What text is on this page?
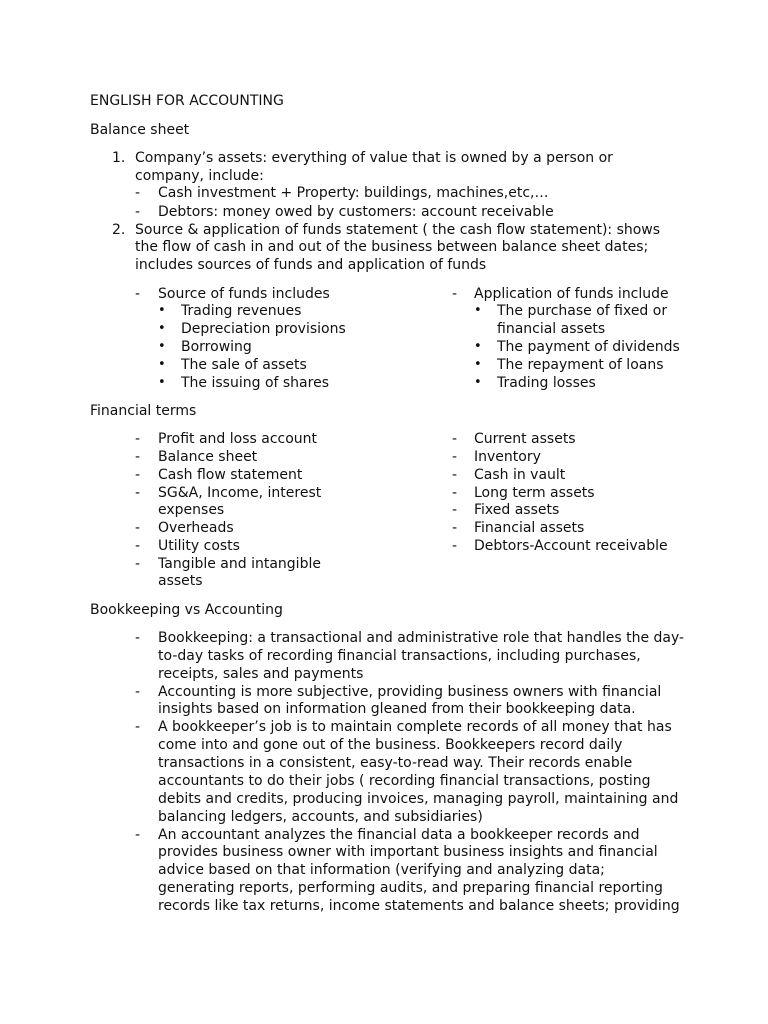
ENGLISH FOR ACCOUNTING
Balance sheet
1. Company’s assets: everything of value that is owned by a person or
company, include:
-	Cash investment + Property: buildings, machines,etc,…
-	Debtors: money owed by customers: account receivable
2. Source & application of funds statement ( the cash flow statement): shows
the flow of cash in and out of the business between balance sheet dates;
includes sources of funds and application of funds
-	Source of funds includes
• Trading revenues
• Depreciation provisions
• Borrowing
• The sale of assets
• The issuing of shares
-	Application of funds include
• The purchase of fixed or
financial assets
• The payment of dividends
• The repayment of loans
• Trading losses
Financial terms
-	Profit and loss account
-	Balance sheet
-	Cash flow statement
-	SG&A, Income, interest
expenses
-	Overheads
-	Utility costs
-	Tangible and intangible
assets
-	Current assets
-	Inventory
-	Cash in vault
-	Long term assets
-	Fixed assets
-	Financial assets
-	Debtors-Account receivable
Bookkeeping vs Accounting
-	Bookkeeping: a transactional and administrative role that handles the day-
to-day tasks of recording financial transactions, including purchases,
receipts, sales and payments
-	Accounting is more subjective, providing business owners with financial
insights based on information gleaned from their bookkeeping data.
-	A bookkeeper’s job is to maintain complete records of all money that has
come into and gone out of the business. Bookkeepers record daily
transactions in a consistent, easy-to-read way. Their records enable
accountants to do their jobs ( recording financial transactions, posting
debits and credits, producing invoices, managing payroll, maintaining and
balancing ledgers, accounts, and subsidiaries)
-	An accountant analyzes the financial data a bookkeeper records and
provides business owner with important business insights and financial
advice based on that information (verifying and analyzing data;
generating reports, performing audits, and preparing financial reporting
records like tax returns, income statements and balance sheets; providing
